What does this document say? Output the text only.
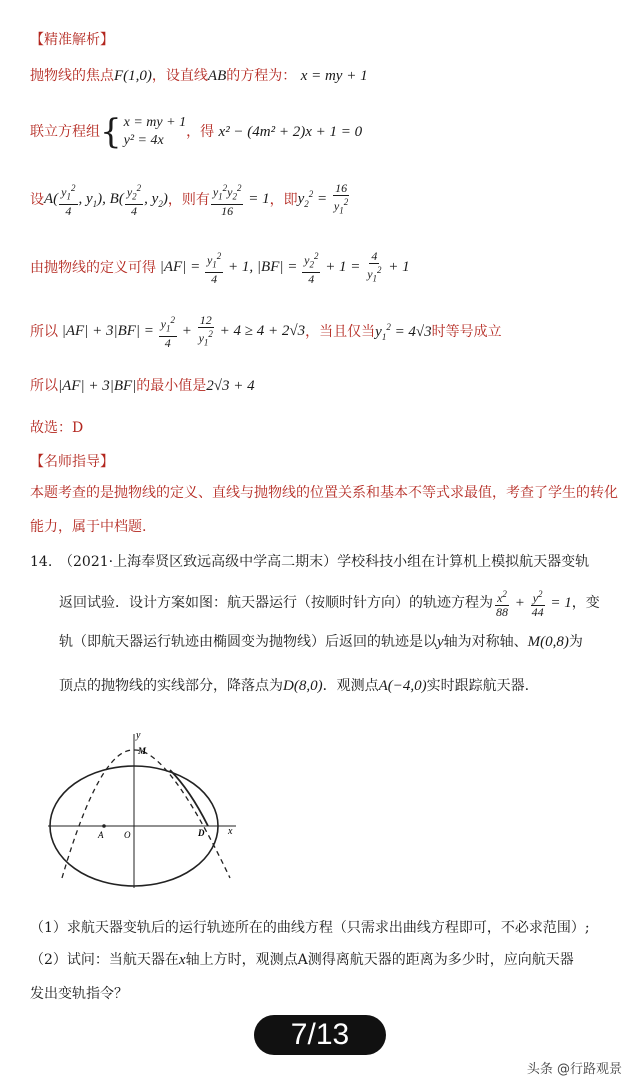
【精准解析】
抛物线的焦点F(1,0)，设直线AB的方程为： x = my + 1
联立方程组 { x = my + 1
y² = 4x
，得
x² − (4m² + 2)x + 1 = 0
设 $A( \frac{y_1^2}{4}$ , $y_1$), $B( \frac{y_2^2}{4}$ , $y_2$) ，则有 $\frac{y_1^2y_2^2}{16} = 1$ ，即 $y_2^2 = \frac{16}{y_1^2}$
由抛物线的定义可得 $|AF| = \frac{y_1^2}{4} + 1$, $|BF| = \frac{y_2^2}{4} + 1 = \frac{4}{y_1^2} + 1$
所以 $|AF| + 3|BF| = \frac{y_1^2}{4} + \frac{12}{y_1^2} + 4 \ge 4 + 2√3$ ，当且仅当 $y_1^2 = 4√3$ 时等号成立
所以|AF| + 3|BF|的最小值是2√3 + 4
故选：D
【名师指导】
本题考查的是抛物线的定义、直线与抛物线的位置关系和基本不等式求最值，考查了学生的转化能力，属于中档题.
14. （2021·上海奉贤区致远高级中学高二期末）学校科技小组在计算机上模拟航天器变轨
返回试验．设计方案如图：航天器运行（按顺时针方向）的轨迹方程为 $\frac{x^2}{88} + \frac{y^2}{44} = 1$ ，变
轨（即航天器运行轨迹由椭圆变为抛物线）后返回的轨迹是以y轴为对称轴、M(0,8)为
顶点的抛物线的实线部分，降落点为D(8,0)．观测点A(−4,0)实时跟踪航天器.
y
x
A O
M
D
（1）求航天器变轨后的运行轨迹所在的曲线方程（只需求出曲线方程即可，不必求范围）;
（2）试问：当航天器在x轴上方时，观测点A测得离航天器的距离为多少时，应向航天器
发出变轨指令？
7/13
头条 @行路观景
